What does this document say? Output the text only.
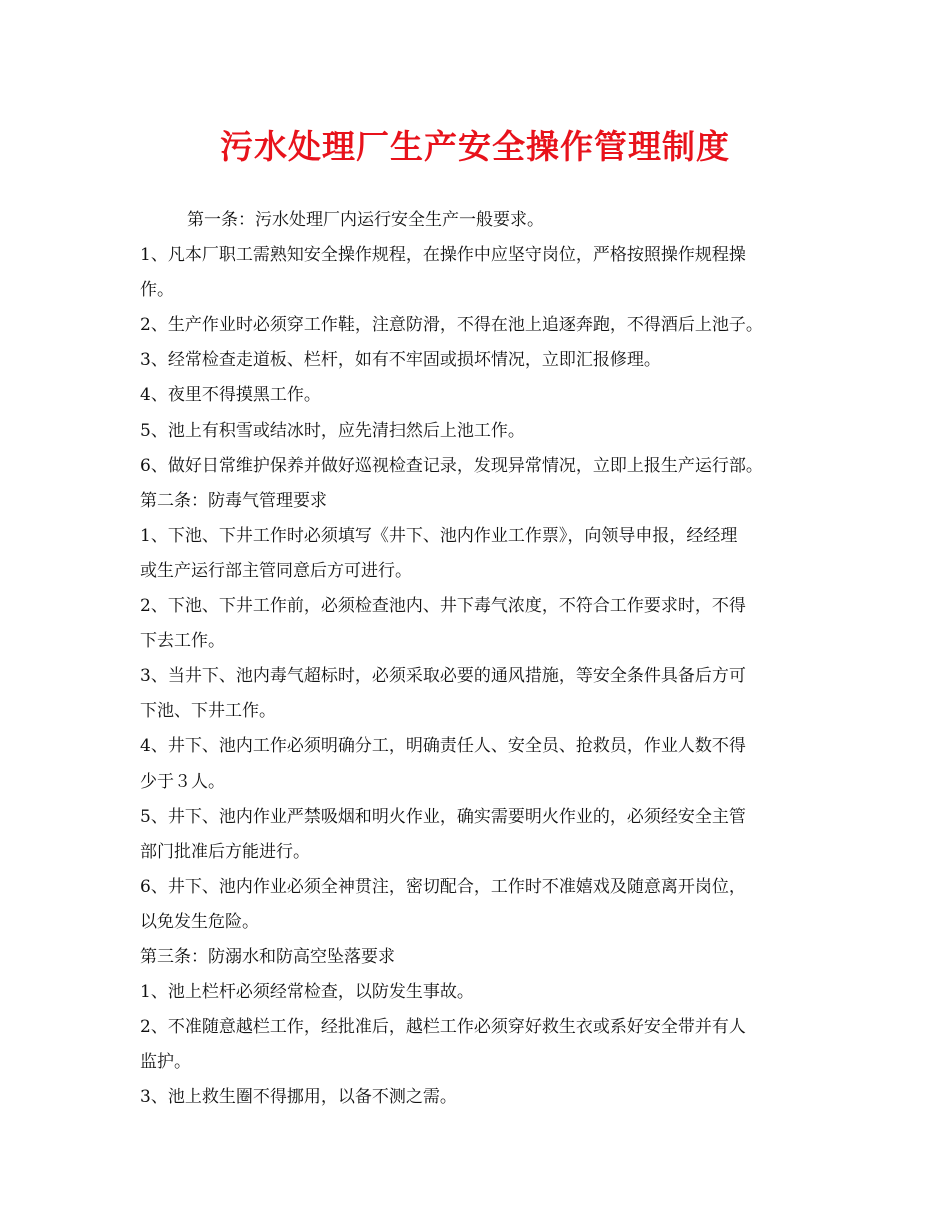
污水处理厂生产安全操作管理制度

第一条：污水处理厂内运行安全生产一般要求。

1、凡本厂职工需熟知安全操作规程，在操作中应坚守岗位，严格按照操作规程操

作。

2、生产作业时必须穿工作鞋，注意防滑，不得在池上追逐奔跑，不得酒后上池子。

3、经常检查走道板、栏杆，如有不牢固或损坏情况，立即汇报修理。

4、夜里不得摸黑工作。

5、池上有积雪或结冰时，应先清扫然后上池工作。

6、做好日常维护保养并做好巡视检查记录，发现异常情况，立即上报生产运行部。

第二条：防毒气管理要求

1、下池、下井工作时必须填写《井下、池内作业工作票》，向领导申报，经经理

或生产运行部主管同意后方可进行。

2、下池、下井工作前，必须检查池内、井下毒气浓度，不符合工作要求时，不得

下去工作。

3、当井下、池内毒气超标时，必须采取必要的通风措施，等安全条件具备后方可

下池、下井工作。

4、井下、池内工作必须明确分工，明确责任人、安全员、抢救员，作业人数不得

少于３人。

5、井下、池内作业严禁吸烟和明火作业，确实需要明火作业的，必须经安全主管

部门批准后方能进行。

6、井下、池内作业必须全神贯注，密切配合，工作时不准嬉戏及随意离开岗位，

以免发生危险。

第三条：防溺水和防高空坠落要求

1、池上栏杆必须经常检查，以防发生事故。

2、不准随意越栏工作，经批准后，越栏工作必须穿好救生衣或系好安全带并有人

监护。

3、池上救生圈不得挪用，以备不测之需。
